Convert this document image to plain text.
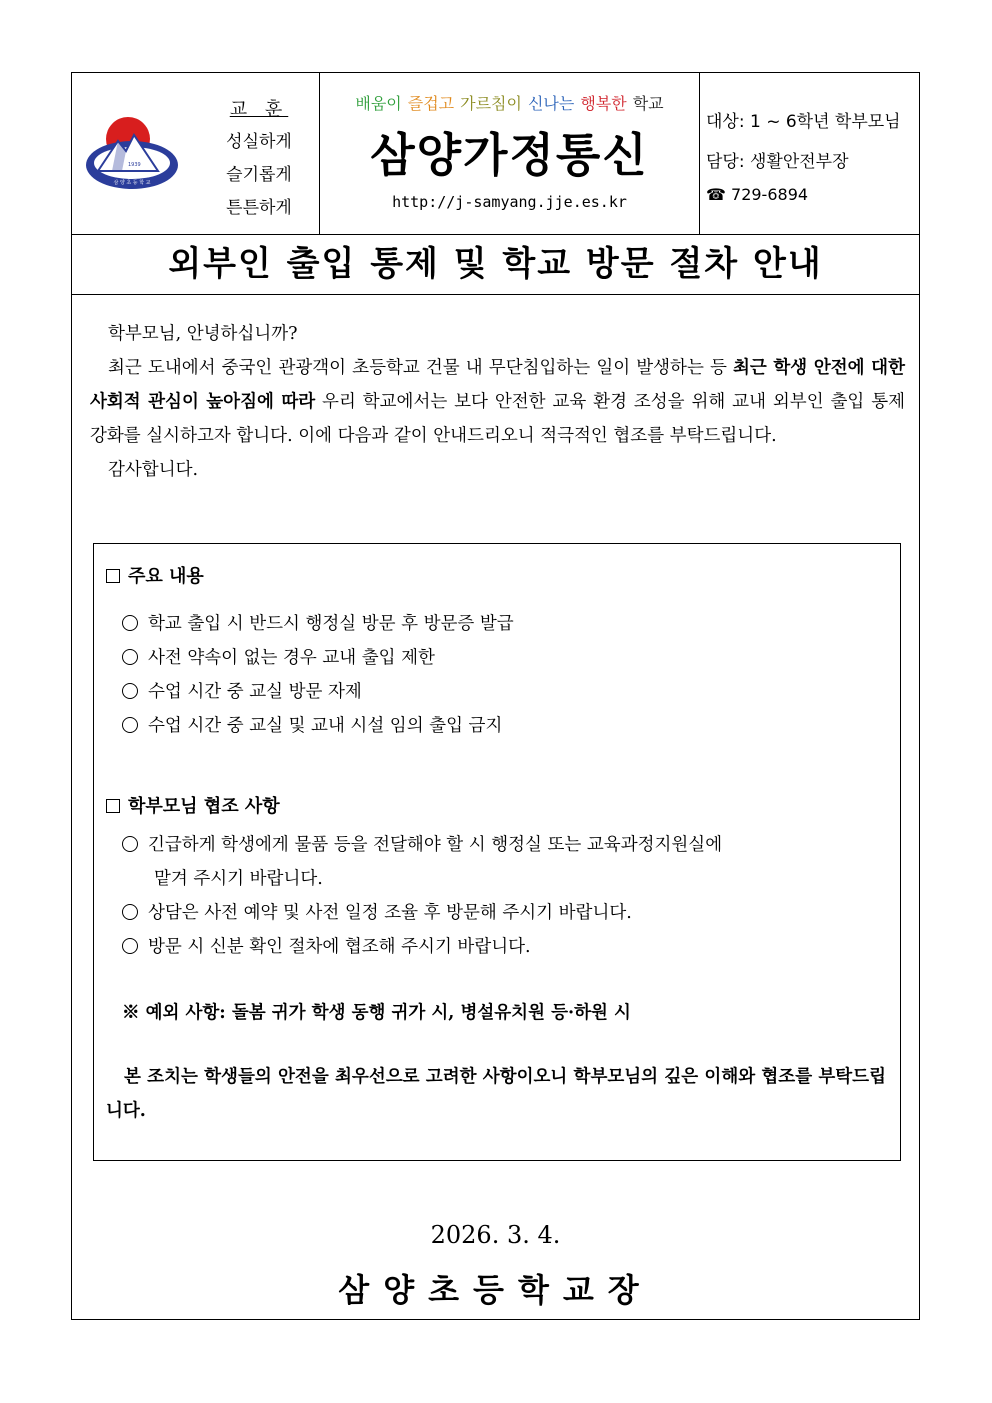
1939
삼 양 초 등 학 교
교 훈
성실하게
슬기롭게
튼튼하게
배움이 즐겁고 가르침이 신나는 행복한 학교
삼양가정통신
http://j-samyang.jje.es.kr
대상: 1 ~ 6학년 학부모님
담당: 생활안전부장
☎ 729-6894
외부인 출입 통제 및 학교 방문 절차 안내

학부모님, 안녕하십니까?

최근 도내에서 중국인 관광객이 초등학교 건물 내 무단침입하는 일이 발생하는 등 최근 학생 안전에 대한 사회적 관심이 높아짐에 따라 우리 학교에서는 보다 안전한 교육 환경 조성을 위해 교내 외부인 출입 통제 강화를 실시하고자 합니다. 이에 다음과 같이 안내드리오니 적극적인 협조를 부탁드립니다.

감사합니다.

주요 내용
학교 출입 시 반드시 행정실 방문 후 방문증 발급
사전 약속이 없는 경우 교내 출입 제한
수업 시간 중 교실 방문 자제
수업 시간 중 교실 및 교내 시설 임의 출입 금지
학부모님 협조 사항
긴급하게 학생에게 물품 등을 전달해야 할 시 행정실 또는 교육과정지원실에
맡겨 주시기 바랍니다.
상담은 사전 예약 및 사전 일정 조율 후 방문해 주시기 바랍니다.
방문 시 신분 확인 절차에 협조해 주시기 바랍니다.
※ 예외 사항: 돌봄 귀가 학생 동행 귀가 시, 병설유치원 등·하원 시
본 조치는 학생들의 안전을 최우선으로 고려한 사항이오니 학부모님의 깊은 이해와 협조를 부탁드립니다.
2026. 3. 4.
삼양초등학교장
